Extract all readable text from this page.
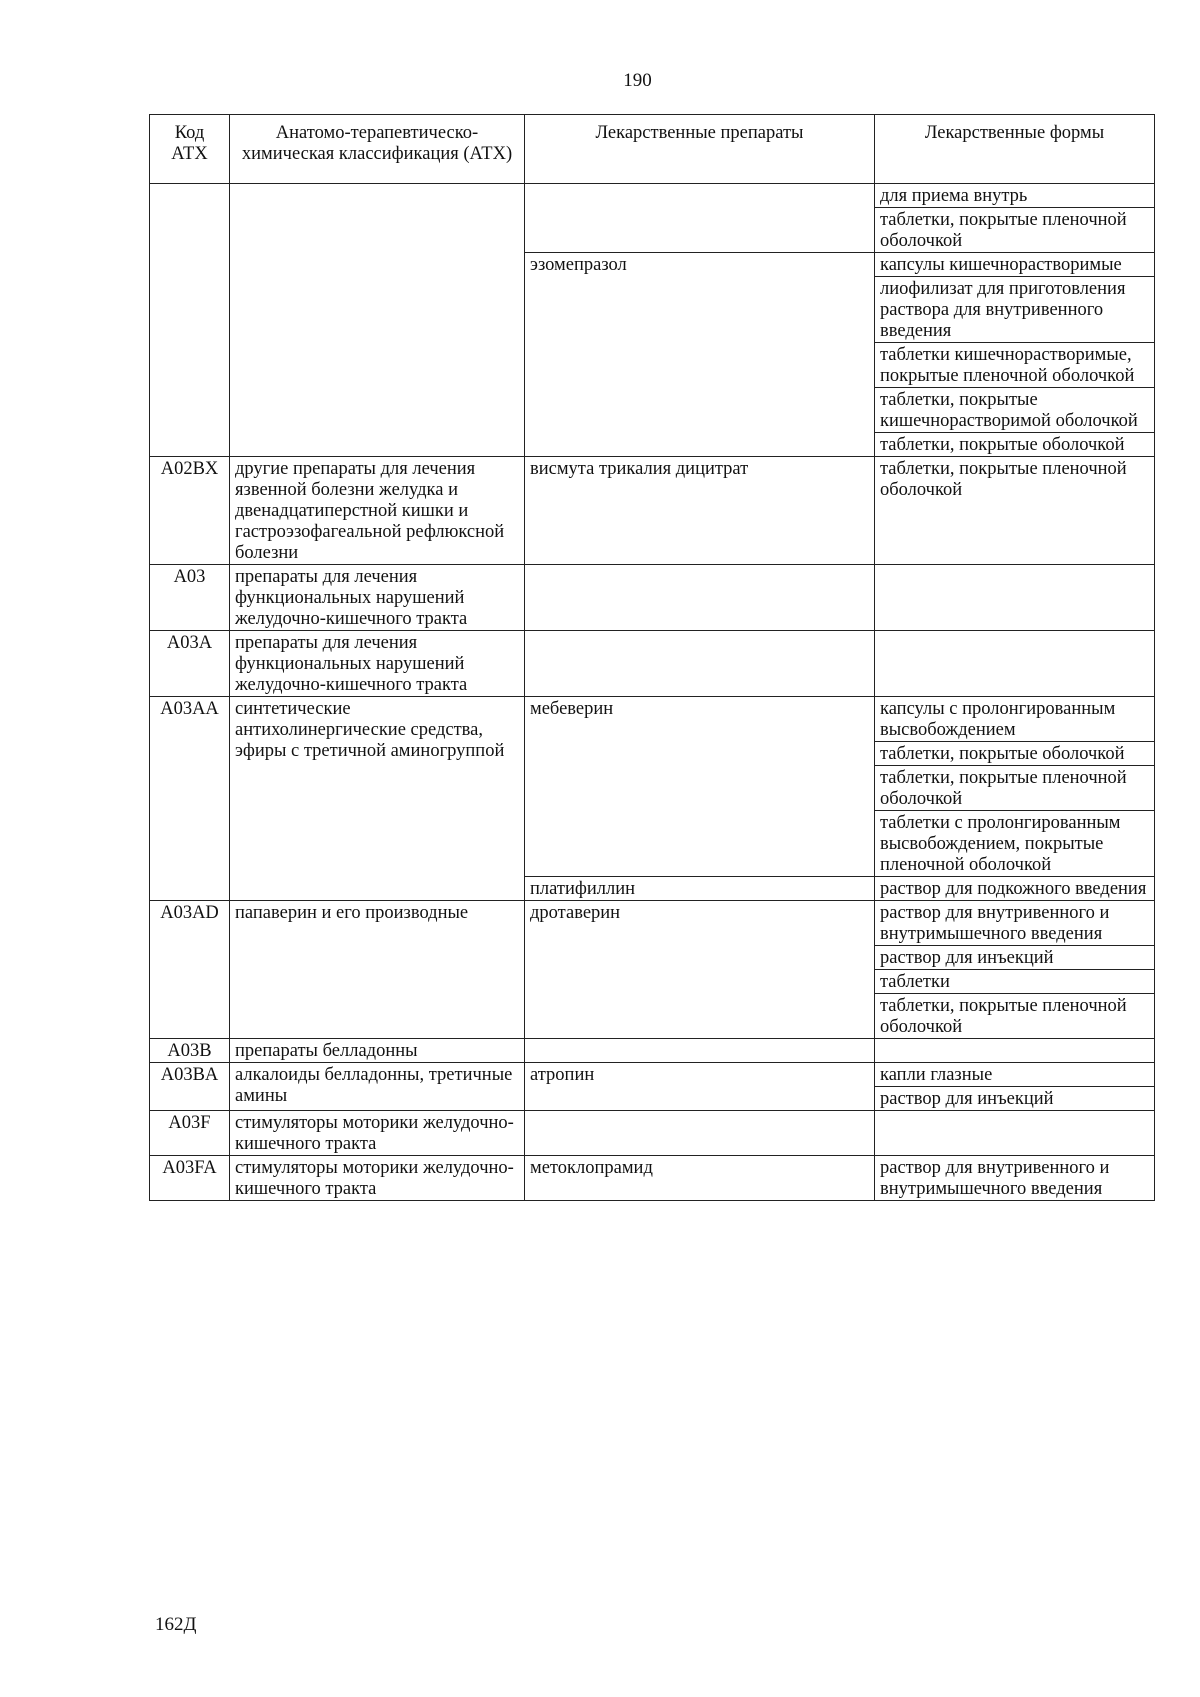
190
Код АТХ	Анатомо-терапевтическо-химическая классификация (АТХ)	Лекарственные препараты	Лекарственные формы
			для приема внутрь
			таблетки, покрытые пленочной оболочкой
		эзомепразол	капсулы кишечнорастворимые
			лиофилизат для приготовления раствора для внутривенного введения
			таблетки кишечнорастворимые, покрытые пленочной оболочкой
			таблетки, покрытые кишечнорастворимой оболочкой
			таблетки, покрытые оболочкой
A02BX	другие препараты для лечения язвенной болезни желудка и двенадцатиперстной кишки и гастроэзофагеальной рефлюксной болезни	висмута трикалия дицитрат	таблетки, покрытые пленочной оболочкой
A03	препараты для лечения функциональных нарушений желудочно-кишечного тракта		
A03A	препараты для лечения функциональных нарушений желудочно-кишечного тракта		
A03AA	синтетические антихолинергические средства, эфиры с третичной аминогруппой	мебеверин	капсулы с пролонгированным высвобождением
			таблетки, покрытые оболочкой
			таблетки, покрытые пленочной оболочкой
			таблетки с пролонгированным высвобождением, покрытые пленочной оболочкой
		платифиллин	раствор для подкожного введения
A03AD	папаверин и его производные	дротаверин	раствор для внутривенного и внутримышечного введения
			раствор для инъекций
			таблетки
			таблетки, покрытые пленочной оболочкой
A03B	препараты белладонны		
A03BA	алкалоиды белладонны, третичные амины	атропин	капли глазные
			раствор для инъекций
A03F	стимуляторы моторики желудочно-кишечного тракта		
A03FA	стимуляторы моторики желудочно-кишечного тракта	метоклопрамид	раствор для внутривенного и внутримышечного введения
162Д
